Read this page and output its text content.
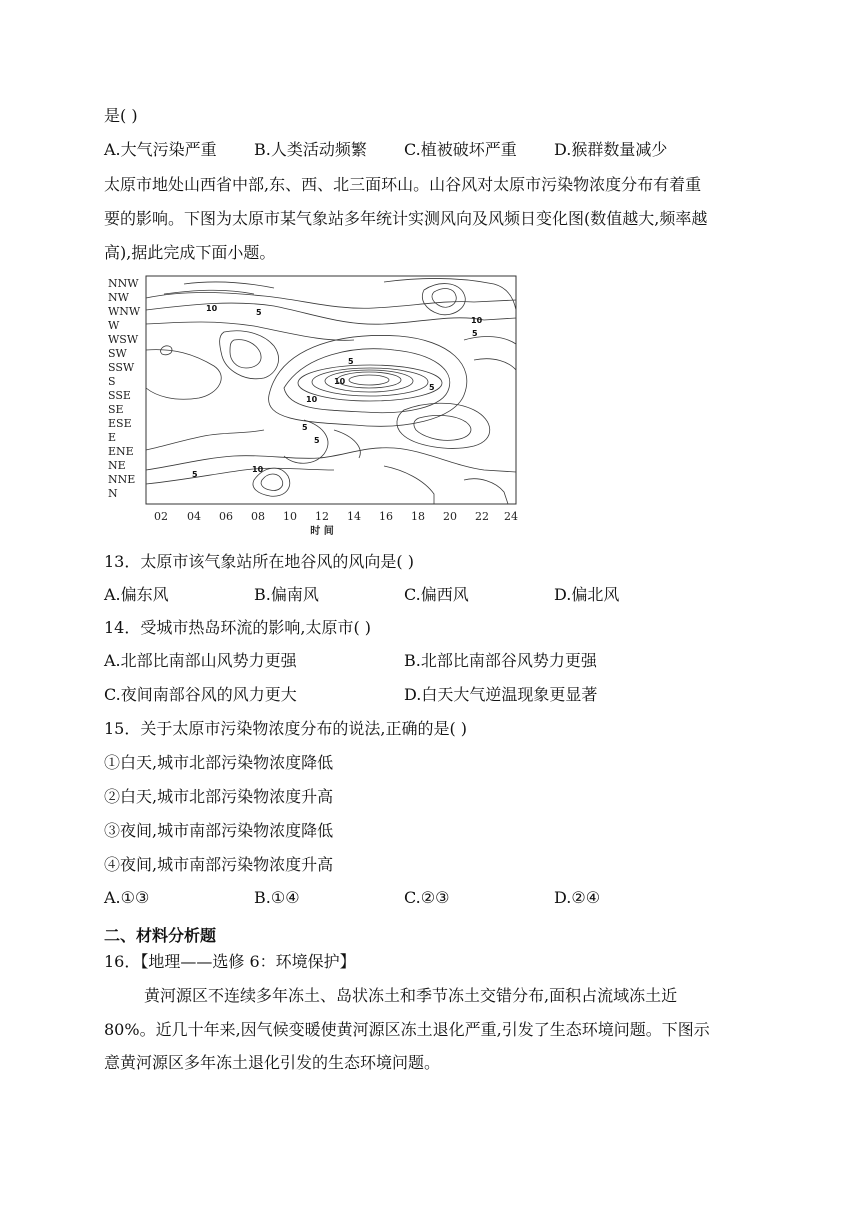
是( )
A.大气污染严重 B.人类活动频繁 C.植被破坏严重 D.猴群数量减少
太原市地处山西省中部,东、西、北三面环山。山谷风对太原市污染物浓度分布有着重
要的影响。下图为太原市某气象站多年统计实测风向及风频日变化图(数值越大,频率越
高),据此完成下面小题。
NNW
NW
WNW
W
WSW
SW
SSW
S
SSE
SE
ESE
E
ENE
NE
NNE
N
10	5
5
10
5
10
5
5
10
5
5
10
02 04 06 08 10 12 14 16 18 20 22 24
时 间
13．太原市该气象站所在地谷风的风向是( )
A.偏东风	B.偏南风	C.偏西风	D.偏北风
14．受城市热岛环流的影响,太原市( )
A.北部比南部山风势力更强	B.北部比南部谷风势力更强
C.夜间南部谷风的风力更大	D.白天大气逆温现象更显著
15．关于太原市污染物浓度分布的说法,正确的是( )
①白天,城市北部污染物浓度降低
②白天,城市北部污染物浓度升高
③夜间,城市南部污染物浓度降低
④夜间,城市南部污染物浓度升高
A.①③	B.①④	C.②③	D.②④
二、材料分析题
16．【地理——选修 6：环境保护】
黄河源区不连续多年冻土、岛状冻土和季节冻土交错分布,面积占流域冻土近
80%。近几十年来,因气候变暖使黄河源区冻土退化严重,引发了生态环境问题。下图示
意黄河源区多年冻土退化引发的生态环境问题。
